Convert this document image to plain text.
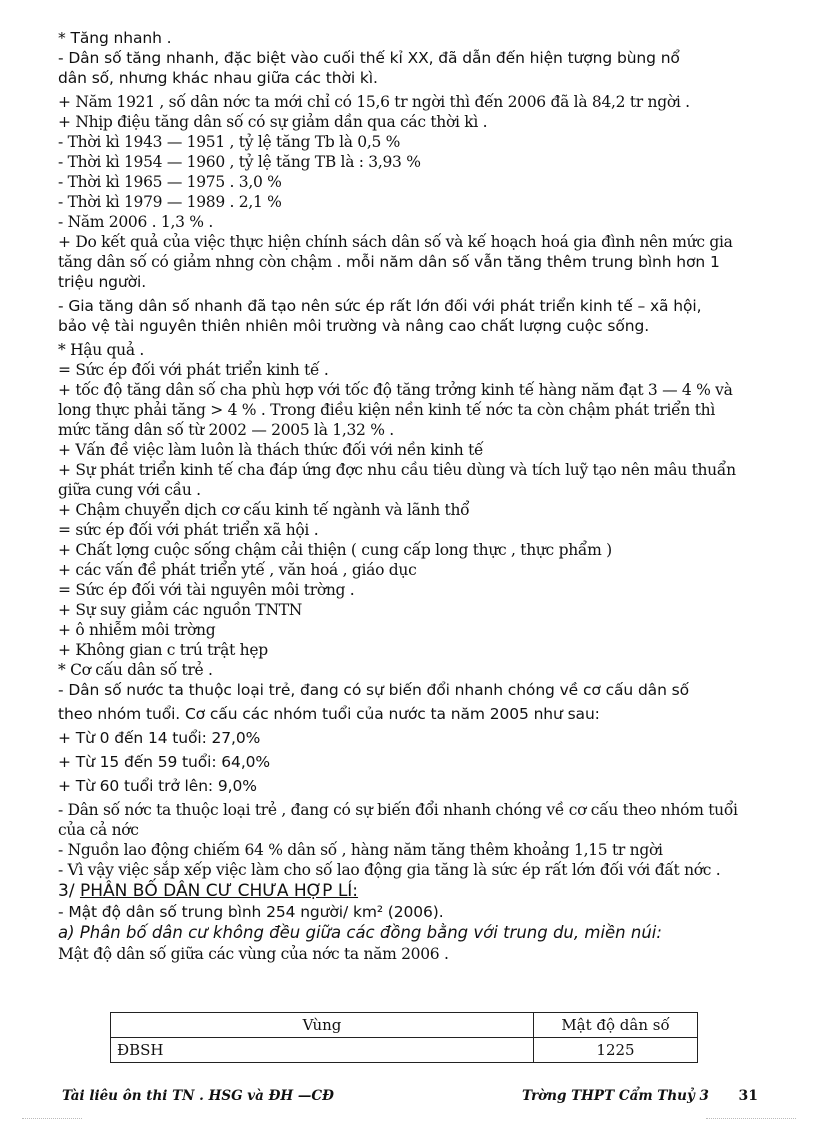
* Tăng nhanh .
- Dân số tăng nhanh, đặc biệt vào cuối thế kỉ XX, đã dẫn đến hiện tượng bùng nổ
dân số, nhưng khác nhau giữa các thời kì.
+ Năm 1921 , số dân nớc ta mới chỉ có 15,6 tr ngời thì đến 2006 đã là 84,2 tr ngời .
+ Nhịp điệu tăng dân số có sự giảm dần qua các thời kì .
- Thời kì 1943 — 1951 , tỷ lệ tăng Tb là 0,5 %
- Thời kì 1954 — 1960 , tỷ lệ tăng TB là : 3,93 %
- Thời kì 1965 — 1975 . 3,0 %
- Thời kì 1979 — 1989 . 2,1 %
- Năm 2006 . 1,3 % .
+ Do kết quả của việc thực hiện chính sách dân số và kế hoạch hoá gia đình nên mức gia
tăng dân số có giảm nhng còn chậm . mỗi năm dân số vẫn tăng thêm trung bình hơn 1
triệu người.
- Gia tăng dân số nhanh đã tạo nên sức ép rất lớn đối với phát triển kinh tế – xã hội,
bảo vệ tài nguyên thiên nhiên môi trường và nâng cao chất lượng cuộc sống.
* Hậu quả .
= Sức ép đối với phát triển kinh tế .
+ tốc độ tăng dân số cha phù hợp với tốc độ tăng trởng kinh tế hàng năm đạt 3 — 4 % và
long thực phải tăng > 4 % . Trong điều kiện nền kinh tế nớc ta còn chậm phát triển thì
mức tăng dân số từ 2002 — 2005 là 1,32 % .
+ Vấn đề việc làm luôn là thách thức đối với nền kinh tế
+ Sự phát triển kinh tế cha đáp ứng đợc nhu cầu tiêu dùng và tích luỹ tạo nên mâu thuẩn
giữa cung với cầu .
+ Chậm chuyển dịch cơ cấu kinh tế ngành và lãnh thổ
= sức ép đối với phát triển xã hội .
+ Chất lợng cuộc sống chậm cải thiện ( cung cấp long thực , thực phẩm )
+ các vấn đề phát triển ytế , văn hoá , giáo dục
= Sức ép đối với tài nguyên môi trờng .
+ Sự suy giảm các nguồn TNTN
+ ô nhiễm môi trờng
+ Không gian c trú trật hẹp
* Cơ cấu dân số trẻ .
- Dân số nước ta thuộc loại trẻ, đang có sự biến đổi nhanh chóng về cơ cấu dân số
theo nhóm tuổi. Cơ cấu các nhóm tuổi của nước ta năm 2005 như sau:
+ Từ 0 đến 14 tuổi: 27,0%
+ Từ 15 đến 59 tuổi: 64,0%
+ Từ 60 tuổi trở lên: 9,0%
- Dân số nớc ta thuộc loại trẻ , đang có sự biến đổi nhanh chóng về cơ cấu theo nhóm tuổi
của cả nớc
- Nguồn lao động chiếm 64 % dân số , hàng năm tăng thêm khoảng 1,15 tr ngời
- Vì vậy việc sắp xếp việc làm cho số lao động gia tăng là sức ép rất lớn đối với đất nớc .
3/ PHÂN BỐ DÂN CƯ CHƯA HỢP LÍ:
- Mật độ dân số trung bình 254 người/ km² (2006).
a) Phân bố dân cư không đều giữa các đồng bằng với trung du, miền núi:
Mật độ dân số giữa các vùng của nớc ta năm 2006 .
Vùng	Mật độ dân số
ĐBSH	1225
Tài liêu ôn thi TN . HSG và ĐH —CĐ	Trờng THPT Cẩm Thuỷ 3 31
